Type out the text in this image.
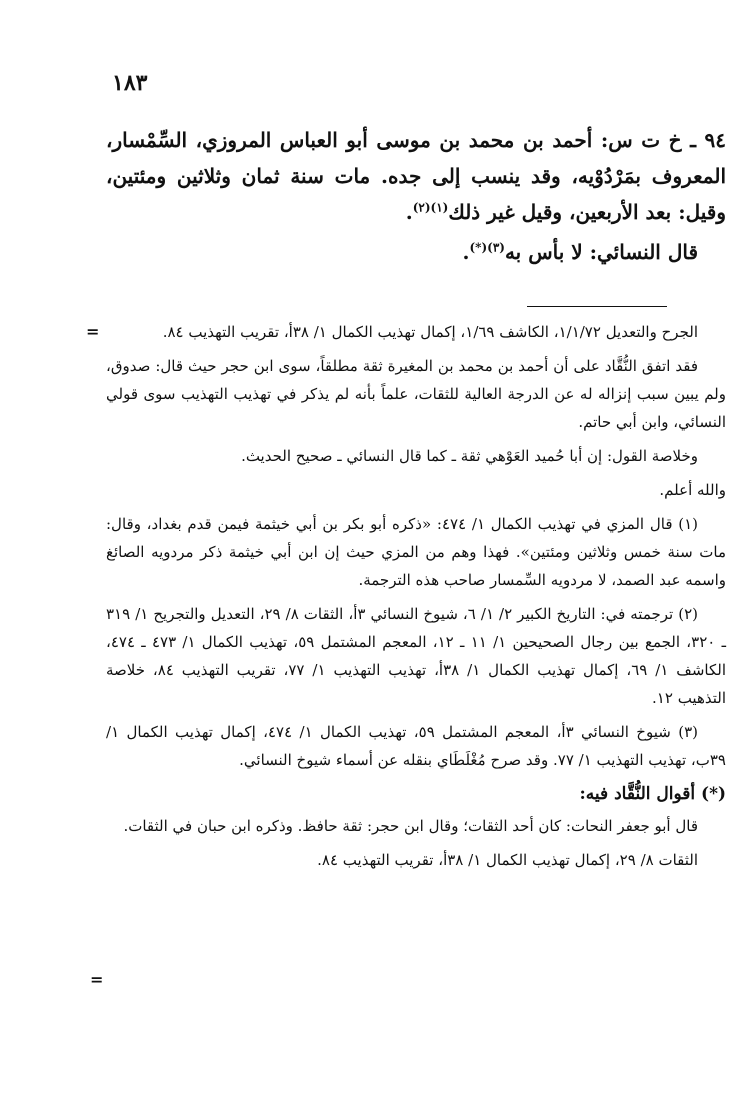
١٨٣

٩٤ ـ خ ت س: أحمد بن محمد بن موسى أبو العباس المروزي، السِّمْسار، المعروف بمَرْدُوْيه، وقد ينسب إلى جده. مات سنة ثمان وثلاثين ومئتين، وقيل: بعد الأربعين، وقيل غير ذلك$^{(١)(٢)}$.

قال النسائي: لا بأس به$^{(٣)(*)}$.

=	الجرح والتعديل ١/١/٧٢، الكاشف ١/٦٩، إكمال تهذيب الكمال ١/ ٣٨أ، تقريب التهذيب ٨٤.

فقد اتفق النُّقَّاد على أن أحمد بن محمد بن المغيرة ثقة مطلقاً، سوى ابن حجر حيث قال: صدوق، ولم يبين سبب إنزاله له عن الدرجة العالية للثقات، علماً بأنه لم يذكر في تهذيب التهذيب سوى قولي النسائي، وابن أبي حاتم.

وخلاصة القول: إن أبا حُميد العَوْهي ثقة ـ كما قال النسائي ـ صحيح الحديث.

والله أعلم.

(١) قال المزي في تهذيب الكمال ١/ ٤٧٤: «ذكره أبو بكر بن أبي خيثمة فيمن قدم بغداد، وقال: مات سنة خمس وثلاثين ومئتين». فهذا وهم من المزي حيث إن ابن أبي خيثمة ذكر مردويه الصائغ واسمه عبد الصمد، لا مردويه السِّمسار صاحب هذه الترجمة.

(٢) ترجمته في: التاريخ الكبير ٢/ ١/ ٦، شيوخ النسائي ٣أ، الثقات ٨/ ٢٩، التعديل والتجريح ١/ ٣١٩ ـ ٣٢٠، الجمع بين رجال الصحيحين ١/ ١١ ـ ١٢، المعجم المشتمل ٥٩، تهذيب الكمال ١/ ٤٧٣ ـ ٤٧٤، الكاشف ١/ ٦٩، إكمال تهذيب الكمال ١/ ٣٨أ، تهذيب التهذيب ١/ ٧٧، تقريب التهذيب ٨٤، خلاصة التذهيب ١٢.

(٣) شيوخ النسائي ٣أ، المعجم المشتمل ٥٩، تهذيب الكمال ١/ ٤٧٤، إكمال تهذيب الكمال ١/ ٣٩ب، تهذيب التهذيب ١/ ٧٧. وقد صرح مُغْلَطَاي بنقله عن أسماء شيوخ النسائي.

(*) أقوال النُّقَّاد فيه:

قال أبو جعفر النحات: كان أحد الثقات؛ وقال ابن حجر: ثقة حافظ. وذكره ابن حبان في الثقات.

الثقات ٨/ ٢٩، إكمال تهذيب الكمال ١/ ٣٨أ، تقريب التهذيب ٨٤.

=
